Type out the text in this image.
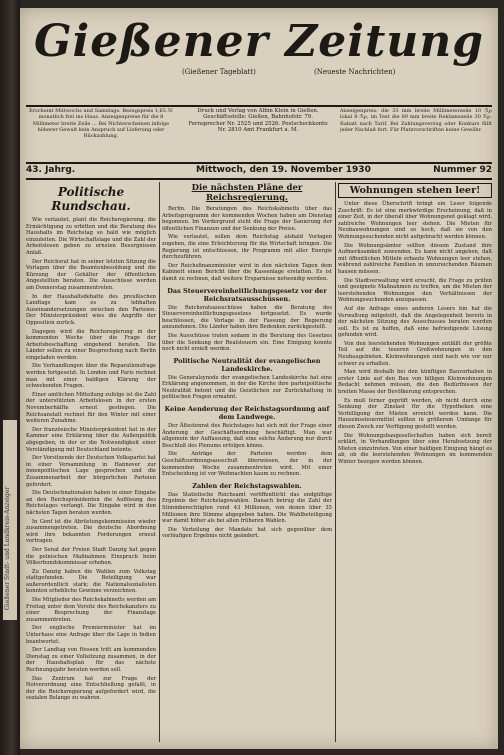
Gießener Stadt- und Landkreis-Anzeiger
Gießener Zeitung
(Gießener Tageblatt)	(Neueste Nachrichten)
Erscheint Mittwochs und Samstags. Bezugspreis 1,65 ℳ monatlich frei ins Haus. Anzeigenpreise für die 8 Millimeter breite Zeile ... Bei Nichterscheinen infolge höherer Gewalt kein Anspruch auf Lieferung oder Rückzahlung.
Druck und Verlag von Albin Klein in Gießen. Geschäftsstelle: Gießen, Bahnhofstr. 79. Fernsprecher Nr. 2525 und 2526. Postscheckkonto Nr. 2810 Amt Frankfurt a. M.
Anzeigenpreis: die 33 mm breite Millimeterzeile 10 ℛ℘ lokal 8 ℛ℘, im Text die 89 mm breite Reklamezeile 30 ℛ℘. Rabatt nach Tarif. Bei Zahlungsverzug oder Konkurs fällt jeder Nachlaß fort. Für Platzvorschriften keine Gewähr.
43. Jahrg.	Mittwoch, den 19. November 1930	Nummer 92
Politische Rundschau.

Wie verlautet, plant die Reichsregierung, die Ermächtigung zu erbitten und die Beratung des Haushalts im Reichstag so bald wie möglich einzuleiten. Die Wirtschaftslage und die Zahl der Arbeitslosen geben zu ernsten Besorgnissen Anlaß.

Der Reichsrat hat in seiner letzten Sitzung die Vorlagen über die Beamtenbesoldung und die Kürzung der Gehälter der öffentlichen Angestellten beraten. Die Ausschüsse werden am Donnerstag zusammentreten.

In der Haushaltsdebatte des preußischen Landtags kam es zu lebhaften Auseinandersetzungen zwischen den Parteien. Der Ministerpräsident wies die Angriffe der Opposition zurück.

Dagegen wird die Reichsregierung in der kommenden Woche über die Frage der Arbeitsbeschaffung eingehend beraten. Die Länder sollen zu einer Besprechung nach Berlin eingeladen werden.

Die Verhandlungen über die Reparationsfrage werden fortgesetzt. In London und Paris rechnet man mit einer baldigen Klärung der schwebenden Fragen.

Einer amtlichen Mitteilung zufolge ist die Zahl der unterstützten Arbeitslosen in der ersten Novemberhälfte erneut gestiegen. Die Reichsanstalt rechnet für den Winter mit einer weiteren Zunahme.

Der französische Ministerpräsident hat in der Kammer eine Erklärung über die Außenpolitik abgegeben, in der er die Notwendigkeit einer Verständigung mit Deutschland betonte.

Der Vorsitzende der Deutschen Volkspartei hat in einer Versammlung in Hannover zur innenpolitischen Lage gesprochen und die Zusammenarbeit der bürgerlichen Parteien gefordert.

Die Deutschnationalen haben in einer Eingabe an den Reichspräsidenten die Auflösung des Reichstages verlangt. Die Eingabe wird in den nächsten Tagen beraten werden.

In Genf ist die Abrüstungskommission wieder zusammengetreten. Die deutsche Abordnung wird ihre bekannten Forderungen erneut vortragen.

Der Senat der Freien Stadt Danzig hat gegen die polnischen Maßnahmen Einspruch beim Völkerbundskommissar erhoben.

Zu Danzig haben die Wahlen zum Volkstag stattgefunden. Die Beteiligung war außerordentlich stark; die Nationalsozialisten konnten erhebliche Gewinne verzeichnen.

Die Mitglieder des Reichskabinetts werden am Freitag unter dem Vorsitz des Reichskanzlers zu einer Besprechung der Finanzlage zusammentreten.

Der englische Premierminister hat im Unterhaus eine Anfrage über die Lage in Indien beantwortet.

Der Landtag von Hessen tritt am kommenden Dienstag zu einer Vollsitzung zusammen, in der der Haushaltsplan für das nächste Rechnungsjahr beraten werden soll.

Das Zentrum hat zur Frage der Notverordnung eine Entschließung gefaßt, in der die Reichsregierung aufgefordert wird, die sozialen Belange zu wahren.

Die nächsten Pläne der Reichsregierung.

Berlin. Die Beratungen des Reichskabinetts über das Arbeitsprogramm der kommenden Wochen haben am Dienstag begonnen. Im Vordergrund steht die Frage der Sanierung der öffentlichen Finanzen und der Senkung der Preise.

Wie verlautet, sollen dem Reichstag alsbald Vorlagen zugehen, die eine Erleichterung für die Wirtschaft bringen. Die Regierung ist entschlossen, ihr Programm mit aller Energie durchzuführen.

Der Reichsfinanzminister wird in den nächsten Tagen dem Kabinett einen Bericht über die Kassenlage erstatten. Es ist damit zu rechnen, daß weitere Ersparnisse notwendig werden.

Das Steuervereinheitlichungsgesetz vor der Reichsratsausschüssen.

Die Reichsratsausschüsse haben die Beratung des Steuervereinheitlichungsgesetzes fortgesetzt. Es wurde beschlossen, die Vorlage in der Fassung der Regierung anzunehmen. Die Länder haben ihre Bedenken zurückgestellt.

Die Ausschüsse traten sodann in die Beratung des Gesetzes über die Senkung der Realsteuern ein. Eine Einigung konnte noch nicht erzielt werden.

Politische Neutralität der evangelischen Landeskirche.

Die Generalsynode der evangelischen Landeskirche hat eine Erklärung angenommen, in der die Kirche ihre parteipolitische Neutralität betont und die Geistlichen zur Zurückhaltung in politischen Fragen ermahnt.

Keine Aenderung der Reichstagsordnung auf dem Landwege.

Der Ältestenrat des Reichstages hat sich mit der Frage einer Änderung der Geschäftsordnung beschäftigt. Man war allgemein der Auffassung, daß eine solche Änderung nur durch Beschluß des Plenums erfolgen könne.

Die Anträge der Parteien werden dem Geschäftsordnungsausschuß überwiesen, der in der kommenden Woche zusammentreten wird. Mit einer Entscheidung ist vor Weihnachten kaum zu rechnen.

Zahlen der Reichstagswahlen.

Das Statistische Reichsamt veröffentlicht das endgültige Ergebnis der Reichstagswahlen. Danach betrug die Zahl der Stimmberechtigten rund 43 Millionen, von denen über 35 Millionen ihre Stimme abgegeben haben. Die Wahlbeteiligung war damit höher als bei allen früheren Wahlen.

Die Verteilung der Mandate hat sich gegenüber dem vorläufigen Ergebnis nicht geändert.

Wohnungen stehen leer!

Unter diese Überschrift bringt ein Leser folgende Zuschrift: Es ist eine merkwürdige Erscheinung, daß in einer Zeit, in der überall über Wohnungsnot geklagt wird, zahlreiche Wohnungen leer stehen. Die Mieten für Neubauwohnungen sind so hoch, daß sie von den Wohnungssuchenden nicht aufgebracht werden können.

Die Wohnungsämter sollten diesem Zustand ihre Aufmerksamkeit zuwenden. Es kann nicht angehen, daß mit öffentlichen Mitteln erbaute Wohnungen leer stehen, während zahlreiche Familien in unzureichenden Räumen hausen müssen.

Die Stadtverwaltung wird ersucht, die Frage zu prüfen und geeignete Maßnahmen zu treffen, um die Mieten der leerstehenden Wohnungen den Verhältnissen der Wohnungssuchenden anzupassen.

Auf die Anfrage eines anderen Lesers hin hat die Verwaltung mitgeteilt, daß die Angelegenheit bereits in der nächsten Sitzung des Ausschusses beraten werden soll. Es ist zu hoffen, daß eine befriedigende Lösung gefunden wird.

Von den leerstehenden Wohnungen entfällt der größte Teil auf die teueren Großwohnungen in den Neubaugebieten. Kleinwohnungen sind nach wie vor nur schwer zu erhalten.

Man wird deshalb bei den künftigen Bauvorhaben in erster Linie auf den Bau von billigen Kleinwohnungen Bedacht nehmen müssen, die den Bedürfnissen der breiten Masse der Bevölkerung entsprechen.

Es muß ferner geprüft werden, ob nicht durch eine Senkung der Zinslast für die Hypotheken eine Verbilligung der Mieten erreicht werden kann. Die Hauszinssteuermittel sollten in größerem Umfange für diesen Zweck zur Verfügung gestellt werden.

Die Wohnungsbaugesellschaften haben sich bereit erklärt, in Verhandlungen über eine Herabsetzung der Mieten einzutreten. Von einer baldigen Einigung hängt es ab, ob die leerstehenden Wohnungen im kommenden Winter bezogen werden können.
